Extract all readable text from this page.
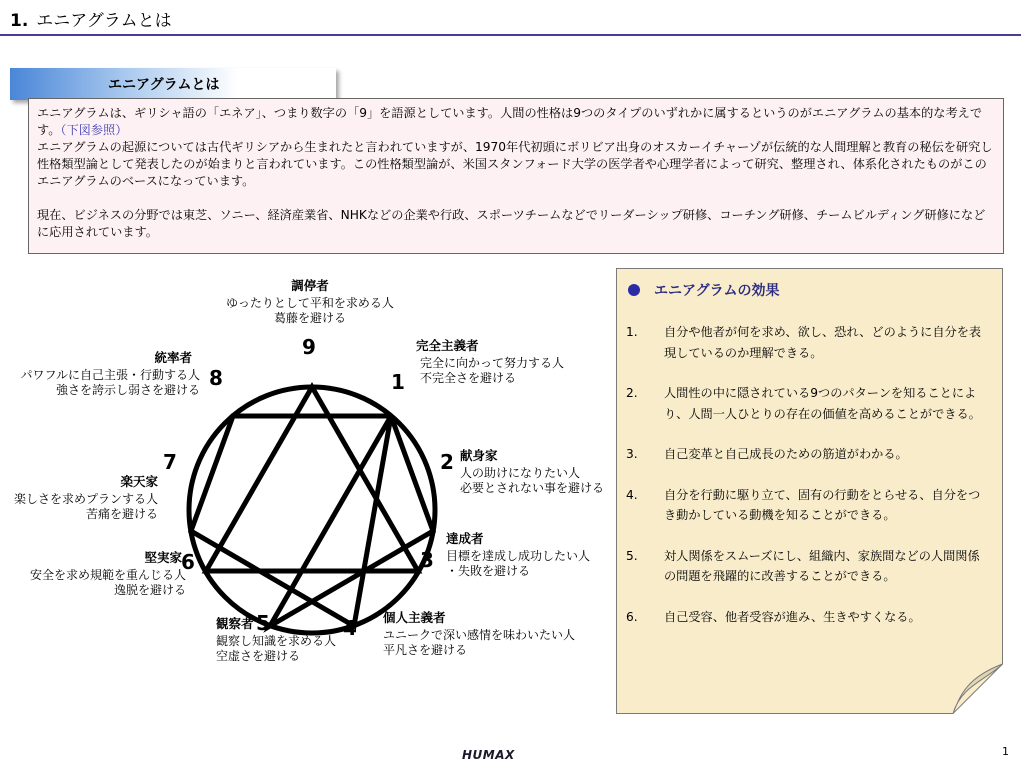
1. エニアグラムとは
エニアグラムとは

エニアグラムは、ギリシャ語の「エネア」、つまり数字の「9」を語源としています。人間の性格は9つのタイプのいずれかに属するというのがエニアグラムの基本的な考えです。（下図参照）

エニアグラムの起源については古代ギリシアから生まれたと言われていますが、1970年代初頭にボリビア出身のオスカーイチャーゾが伝統的な人間理解と教育の秘伝を研究し性格類型論として発表したのが始まりと言われています。この性格類型論が、米国スタンフォード大学の医学者や心理学者によって研究、整理され、体系化されたものがこのエニアグラムのベースになっています。

現在、ビジネスの分野では東芝、ソニー、経済産業省、NHKなどの企業や行政、スポーツチームなどでリーダーシップ研修、コーチング研修、チームビルディング研修になどに応用されています。

9
1
2
3
4
5
6
7
8
調停者
ゆったりとして平和を求める人
葛藤を避ける
完全主義者
完全に向かって努力する人
不完全さを避ける
献身家
人の助けになりたい人
必要とされない事を避ける
達成者
目標を達成し成功したい人
・失敗を避ける
個人主義者
ユニークで深い感情を味わいたい人
平凡さを避ける
観察者
観察し知識を求める人
空虚さを避ける
堅実家
安全を求め規範を重んじる人
逸脱を避ける
楽天家
楽しさを求めプランする人
苦痛を避ける
統率者
パワフルに自己主張・行動する人
強さを誇示し弱さを避ける
エニアグラムの効果
1.	自分や他者が何を求め、欲し、恐れ、どのように自分を表現しているのか理解できる。
2.	人間性の中に隠されている9つのパターンを知ることにより、人間一人ひとりの存在の価値を高めることができる。
3.	自己変革と自己成長のための筋道がわかる。
4.	自分を行動に駆り立て、固有の行動をとらせる、自分をつき動かしている動機を知ることができる。
5.	対人関係をスムーズにし、組織内、家族間などの人間関係の問題を飛躍的に改善することができる。
6.	自己受容、他者受容が進み、生きやすくなる。
HUMAX	1
